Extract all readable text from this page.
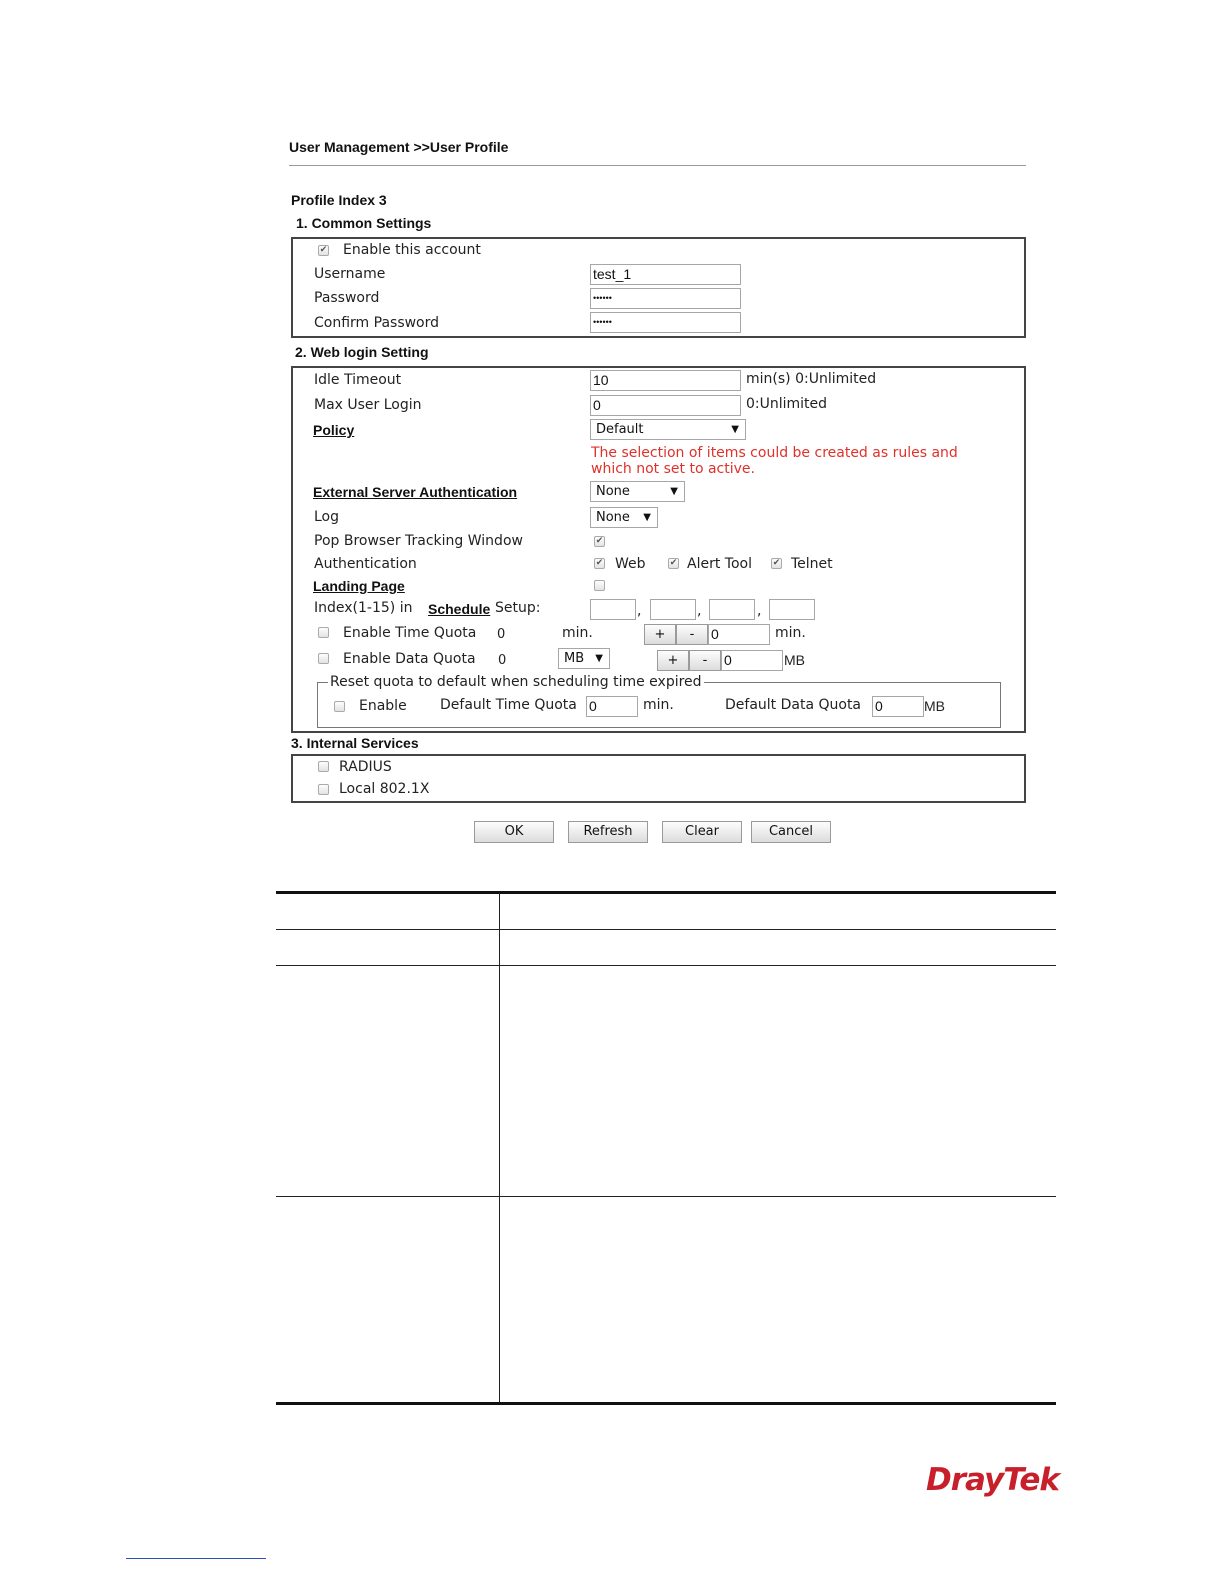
User Management >>User Profile
Profile Index 3
1. Common Settings
✔ Enable this account
Username	test_1
Password	••••••
Confirm Password	••••••
2. Web login Setting
Idle Timeout	10	min(s) 0:Unlimited
Max User Login	0	0:Unlimited
Policy	Default	▼
The selection of items could be created as rules and which not set to active.
External Server Authentication	None	▼
Log	None ▼
Pop Browser Tracking Window	✔
Authentication	✔ Web	✔ Alert Tool ✔ Telnet
Landing Page
Index(1-15) in Schedule Setup:	,	,	,
Enable Time Quota 0	min.	+	-	0	min.
Enable Data Quota 0	MB ▼	+	-	0	MB
Reset quota to default when scheduling time expired
Enable Default Time Quota 0	min.	Default Data Quota 0	MB
3. Internal Services
RADIUS
Local 802.1X
OK	Refresh	Clear	Cancel
DrayTek
